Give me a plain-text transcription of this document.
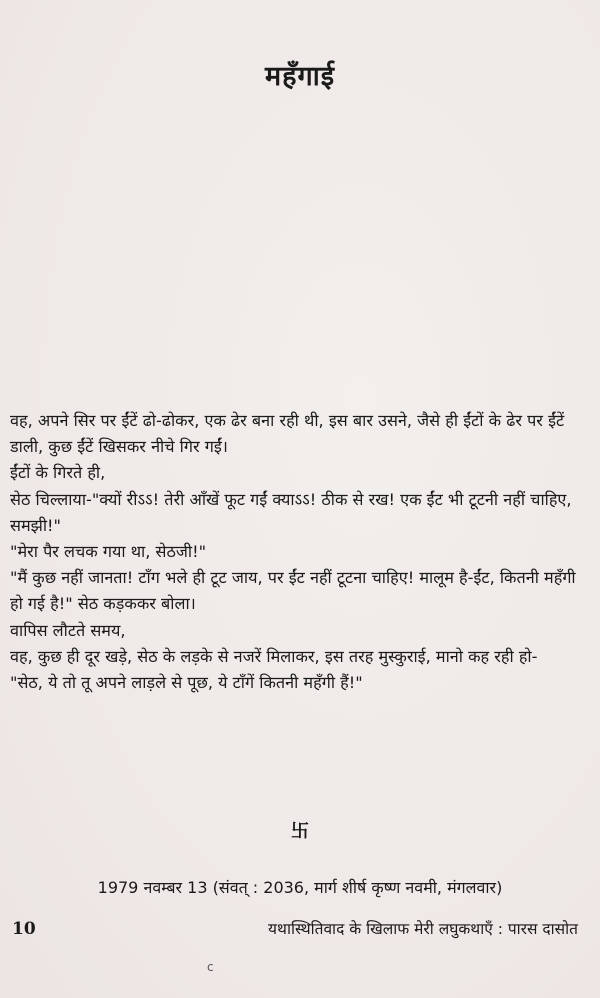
महँगाई

वह, अपने सिर पर ईंटें ढो-ढोकर, एक ढेर बना रही थी, इस बार उसने, जैसे ही ईंटों के ढेर पर ईंटें डाली, कुछ ईंटें खिसकर नीचे गिर गईं।

ईंटों के गिरते ही,

सेठ चिल्लाया-"क्यों रीऽऽ! तेरी आँखें फूट गईं क्याऽऽ! ठीक से रख! एक ईंट भी टूटनी नहीं चाहिए, समझी!"

"मेरा पैर लचक गया था, सेठजी!"

"मैं कुछ नहीं जानता! टाँग भले ही टूट जाय, पर ईंट नहीं टूटना चाहिए! मालूम है-ईंट, कितनी महँगी हो गई है!" सेठ कड़ककर बोला।

वापिस लौटते समय,

वह, कुछ ही दूर खड़े, सेठ के लड़के से नजरें मिलाकर, इस तरह मुस्कुराई, मानो कह रही हो-

"सेठ, ये तो तू अपने लाड़ले से पूछ, ये टाँगें कितनी महँगी हैं!"

卐
1979 नवम्बर 13 (संवत् : 2036, मार्ग शीर्ष कृष्ण नवमी, मंगलवार)
10	यथास्थितिवाद के खिलाफ मेरी लघुकथाएँ : पारस दासोत
c
